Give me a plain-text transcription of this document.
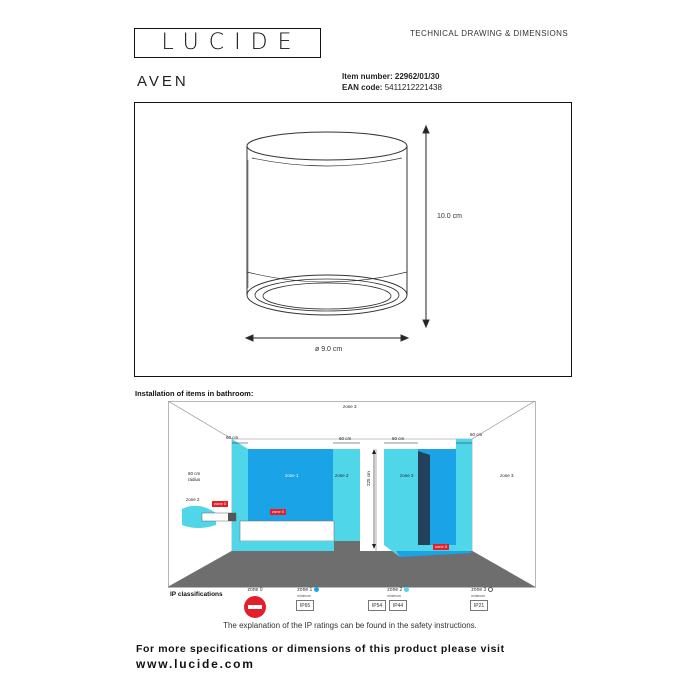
LUCIDE	TECHNICAL DRAWING & DIMENSIONS
AVEN	Item number: 22962/01/30
EAN code: 5411212221438
10.0 cm
ø 9.0 cm
Installation of items in bathroom:
zone 3
60 cm	60 cm	60 cm
60 cm
60 cm
radius
zone 2
zone 1	zone 2	zone 2	zone 3
225 cm
zone 0
zone 0
zone 0
IP classifications
zone 0	zone 1
minimum
IP65
zone 2
minimum
IP54	IP44
zone 3
minimum
IP21
The explanation of the IP ratings can be found in the safety instructions.
For more specifications or dimensions of this product please visit
www.lucide.com
